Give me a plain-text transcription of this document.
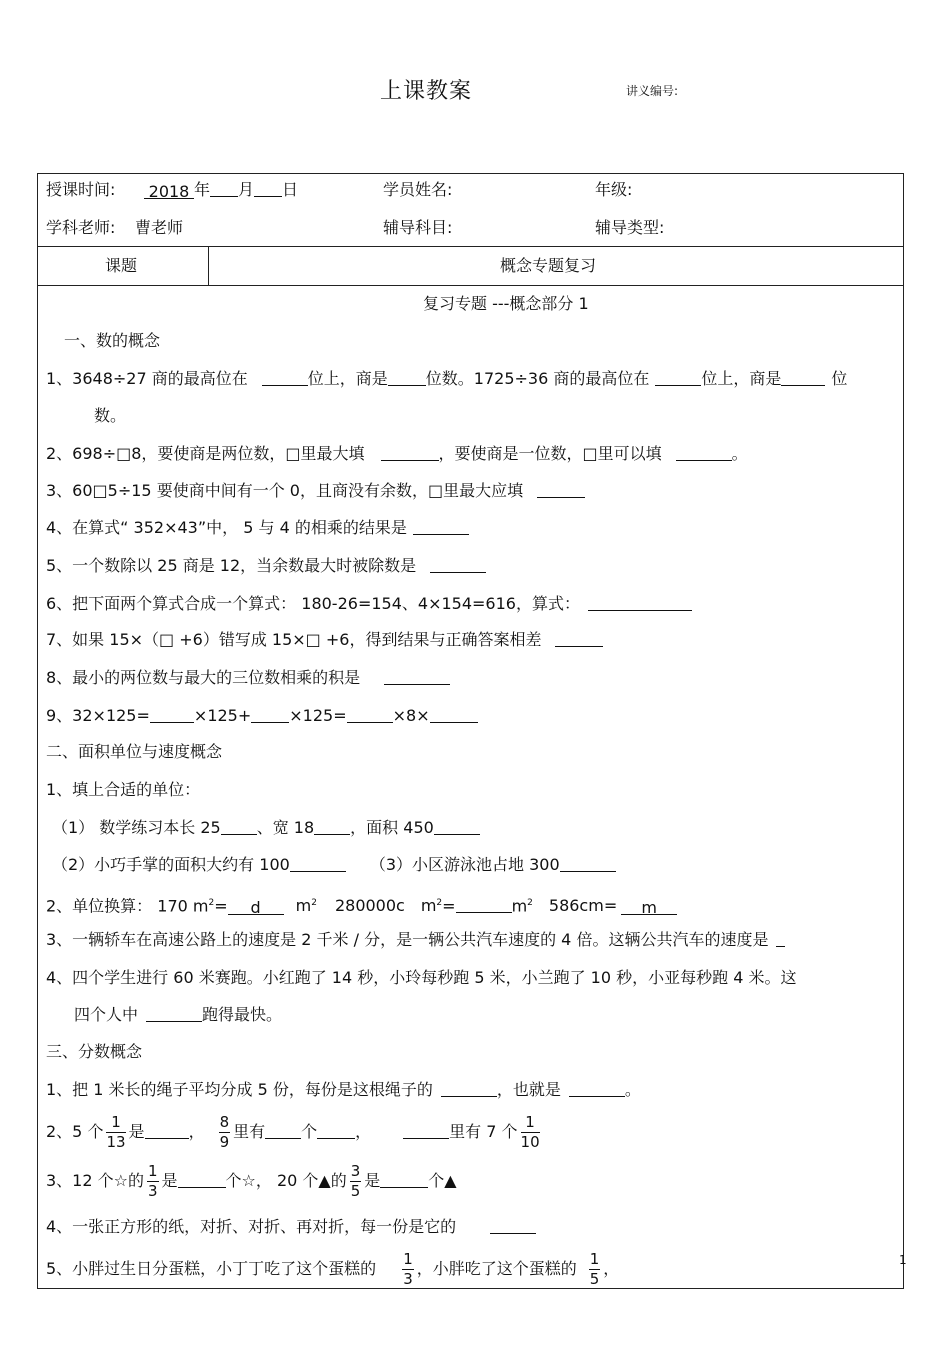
上课教案	讲义编号:
授课时间: 2018 年 月 日	学员姓名:	年级:
学科老师: 曹老师	辅导科目:	辅导类型:
课题	概念专题复习
复习专题 ---概念部分 1
一、数的概念
1、3648÷27 商的最高位在	位上，商是 位数。1725÷36 商的最高位在	位上，商是	位
数。
2、698÷□8，要使商是两位数，□里最大填	，要使商是一位数，□里可以填	。
3、60□5÷15 要使商中间有一个 0，且商没有余数，□里最大应填
4、在算式“ 352×43”中， 5 与 4 的相乘的结果是
5、一个数除以 25 商是 12，当余数最大时被除数是
6、把下面两个算式合成一个算式： 180-26=154、4×154=616，算式：
7、如果 15×（□ +6）错写成 15×□ +6，得到结果与正确答案相差
8、最小的两位数与最大的三位数相乘的积是
9、32×125=	×125+ ×125=	×8×
二、面积单位与速度概念
1、填上合适的单位：
（1） 数学练习本长 25 、宽 18 ，面积 450
（2）小巧手掌的面积大约有 100	（3）小区游泳池占地 300
2、单位换算： 170 $m^2= d$ $m^2$ 280000c $m^2=$	$m^2$ 586cm= m
3、一辆轿车在高速公路上的速度是 2 千米 / 分，是一辆公共汽车速度的 4 倍。这辆公共汽车的速度是
4、四个学生进行 60 米赛跑。小红跑了 14 秒，小玲每秒跑 5 米，小兰跑了 10 秒，小亚每秒跑 4 米。这
四个人中	跑得最快。
三、分数概念
1、把 1 米长的绳子平均分成 5 份，每份是这根绳子的	，也就是	。
2、5 个 $\frac{1}{13}$ 是	， $\frac{8}{9}$ 里有 个 ，	里有 7 个 $\frac{1}{10}$
3、12 个☆的 $\frac{1}{3}$ 是	个☆， 20 个▲的 $\frac{3}{5}$ 是	个▲
4、一张正方形的纸，对折、对折、再对折，每一份是它的
5、小胖过生日分蛋糕，小丁丁吃了这个蛋糕的 $\frac{1}{3}$ ，小胖吃了这个蛋糕的 $\frac{1}{5}$ ，	1
